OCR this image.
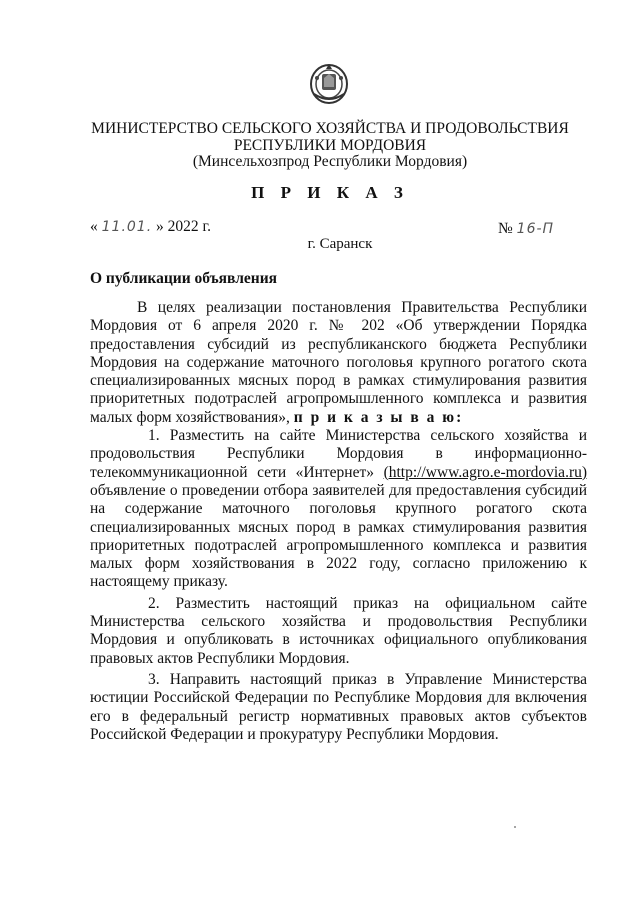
МИНИСТЕРСТВО СЕЛЬСКОГО ХОЗЯЙСТВА И ПРОДОВОЛЬСТВИЯ
РЕСПУБЛИКИ МОРДОВИЯ
(Минсельхозпрод Республики Мордовия)
П Р И К А З
« 11.01. » 2022 г.	№ 16-П
г. Саранск
О публикации объявления

В целях реализации постановления Правительства Республики Мордовия от 6 апреля 2020 г. № 202 «Об утверждении Порядка предоставления субсидий из республиканского бюджета Республики Мордовия на содержание маточного поголовья крупного рогатого скота специализированных мясных пород в рамках стимулирования развития приоритетных подотраслей агропромышленного комплекса и развития малых форм хозяйствования», п р и к а з ы в а ю:

1. Разместить на сайте Министерства сельского хозяйства и продовольствия Республики Мордовия в информационно-телекоммуникационной сети «Интернет» (http://www.agro.e-mordovia.ru) объявление о проведении отбора заявителей для предоставления субсидий на содержание маточного поголовья крупного рогатого скота специализированных мясных пород в рамках стимулирования развития приоритетных подотраслей агропромышленного комплекса и развития малых форм хозяйствования в 2022 году, согласно приложению к настоящему приказу.

2. Разместить настоящий приказ на официальном сайте Министерства сельского хозяйства и продовольствия Республики Мордовия и опубликовать в источниках официального опубликования правовых актов Республики Мордовия.

3. Направить настоящий приказ в Управление Министерства юстиции Российской Федерации по Республике Мордовия для включения его в федеральный регистр нормативных правовых актов субъектов Российской Федерации и прокуратуру Республики Мордовия.
